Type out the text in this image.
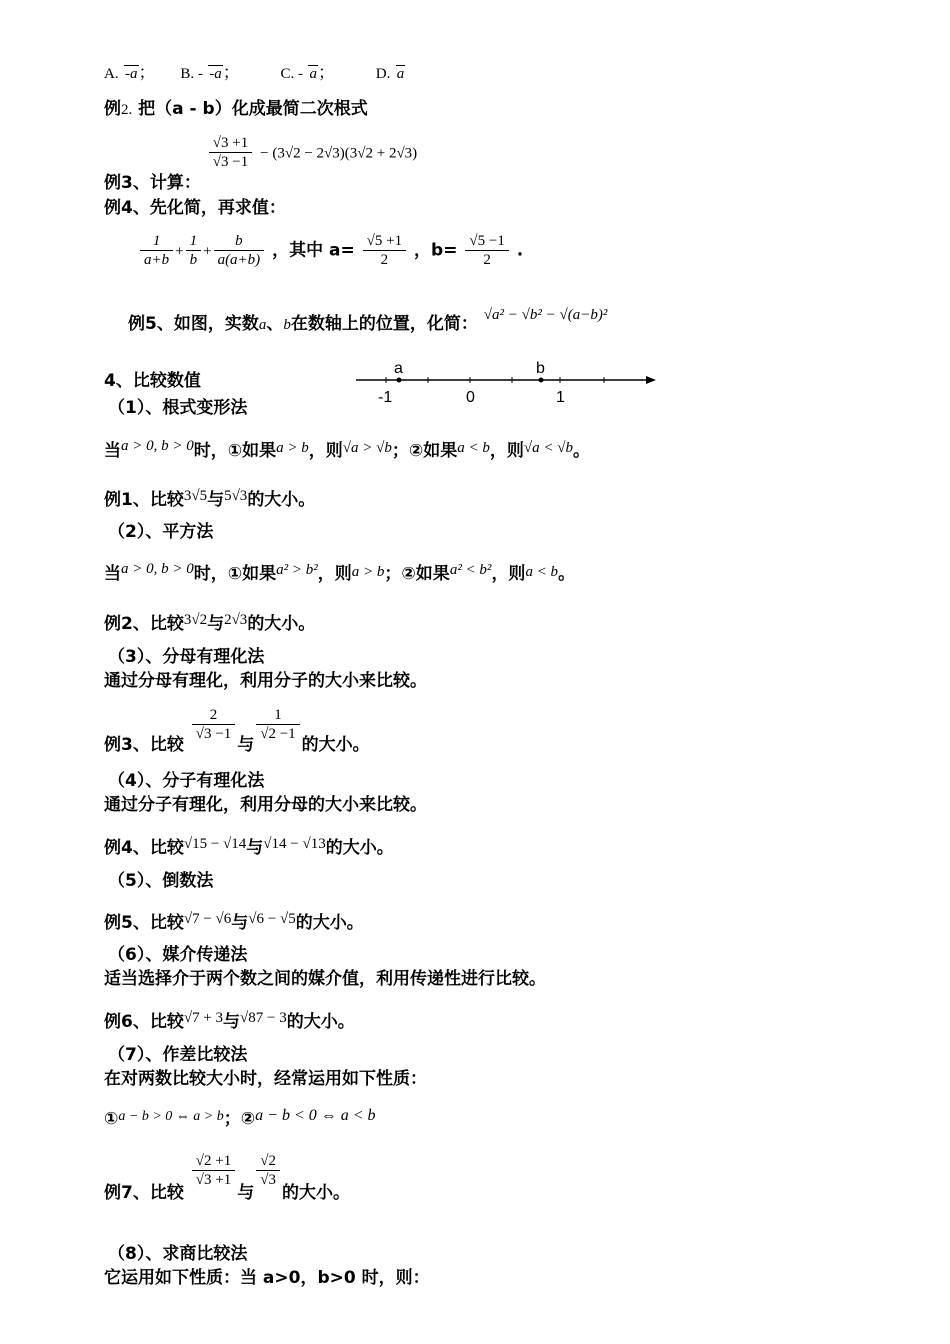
A. -a； B. - -a；	C. - a；	D. a
例2. 把（a - b）化成最简二次根式
例3、计算：
$\frac{√3 +1}{√3 -1} - (3√2 - 2√3)(3√2 + 2√3)$
例4、先化简，再求值：
$\frac{1}{a+b} + \frac{1}{b} + \frac{b}{a(a+b)}$ ，其中 $a= \frac{√5 +1}{2}$ ，$b= \frac{√5 -1}{2}$ .
例5、如图，实数a、b在数轴上的位置，化简： √a² − √b² − √(a−b)²
4、比较数值
a	b
-1	0	1
（1）、根式变形法
当a > 0, b > 0时，①如果a > b，则√a > √b；②如果a < b，则√a < √b。
例1、比较3√5与5√3的大小。
（2）、平方法
当a > 0, b > 0时，①如果a² > b²，则a > b；②如果a² < b²，则a < b。
例2、比较3√2与2√3的大小。
（3）、分母有理化法
通过分母有理化，利用分子的大小来比较。
例3、比较
$\frac{2}{√3 -1}$
与
$\frac{1}{√2 -1}$
的大小。
（4）、分子有理化法
通过分子有理化，利用分母的大小来比较。
例4、比较√15 − √14与√14 − √13的大小。
（5）、倒数法
例5、比较√7 − √6与√6 − √5的大小。
（6）、媒介传递法
适当选择介于两个数之间的媒介值，利用传递性进行比较。
例6、比较√7 + 3与√87 − 3的大小。
（7）、作差比较法
在对两数比较大小时，经常运用如下性质：
①$^{a - b > 0 \Leftrightarrow a > b}$；②a − b < 0 ⇔ a < b
例7、比较
$\frac{√2 +1}{√3 +1}$
与
$\frac{√2}{√3}$
的大小。
（8）、求商比较法
它运用如下性质：当 a>0，b>0 时，则：
